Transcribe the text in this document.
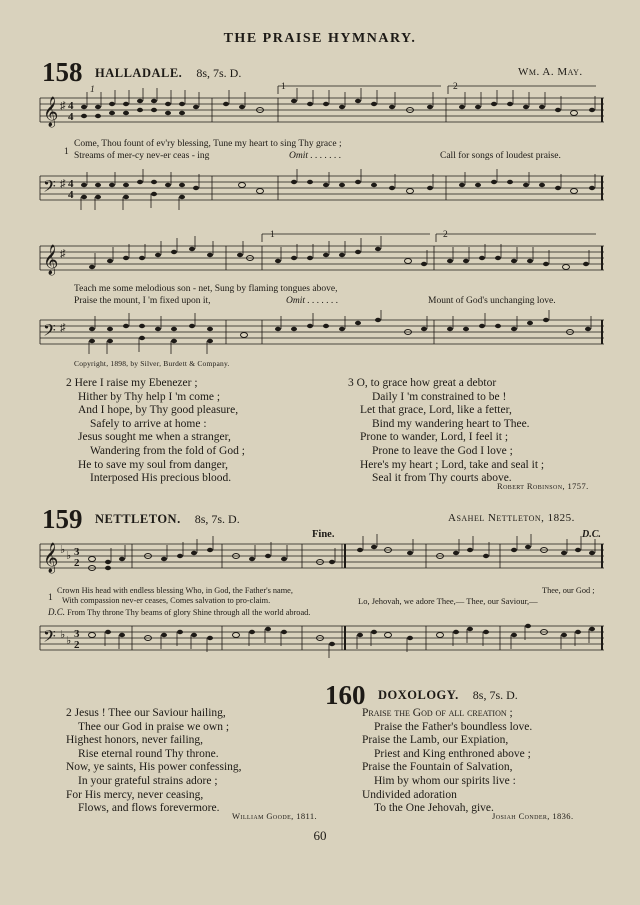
THE PRAISE HYMNARY.
158 HALLADALE. 8s, 7s. D.	Wm. A. May.
𝄞 ♯ 4
4
1	1	2
1
Come, Thou fount of ev'ry blessing, Tune my heart to sing Thy grace ;
Streams of mer-cy nev-er ceas - ing	Omit . . . . . . .	Call for songs of loudest praise.
𝄢 ♯ 4
4
𝄞 ♯
1	2
Teach me some melodious son - net, Sung by flaming tongues above,
Praise the mount, I 'm fixed upon it,	Omit . . . . . . .	Mount of God's unchanging love.
𝄢 ♯
Copyright, 1898, by Silver, Burdett & Company.
2 Here I raise my Ebenezer ;
Hither by Thy help I 'm come ;
And I hope, by Thy good pleasure,
Safely to arrive at home :
Jesus sought me when a stranger,
Wandering from the fold of God ;
He to save my soul from danger,
Interposed His precious blood.
3 O, to grace how great a debtor
Daily I 'm constrained to be !
Let that grace, Lord, like a fetter,
Bind my wandering heart to Thee.
Prone to wander, Lord, I feel it ;
Prone to leave the God I love ;
Here's my heart ; Lord, take and seal it ;
Seal it from Thy courts above.
Robert Robinson, 1757.
159 NETTLETON. 8s, 7s. D.	Asahel Nettleton, 1825.
Fine.	D.C.
𝄞 ♭ ♭ 3
2
1
Crown His head with endless blessing Who, in God, the Father's name,
With compassion nev-er ceases, Comes salvation to pro-claim.	Lo, Jehovah, we adore Thee,— Thee, our Saviour,—
Thee, our God ;
D.C. From Thy throne Thy beams of glory Shine through all the world abroad.
𝄢 ♭ ♭
3
2
2 Jesus ! Thee our Saviour hailing,
Thee our God in praise we own ;
Highest honors, never failing,
Rise eternal round Thy throne.
Now, ye saints, His power confessing,
In your grateful strains adore ;
For His mercy, never ceasing,
Flows, and flows forevermore.
William Goode, 1811.
160 DOXOLOGY. 8s, 7s. D.
Praise the God of all creation ;
Praise the Father's boundless love.
Praise the Lamb, our Expiation,
Priest and King enthroned above ;
Praise the Fountain of Salvation,
Him by whom our spirits live :
Undivided adoration
To the One Jehovah, give.
Josiah Conder, 1836.
60
